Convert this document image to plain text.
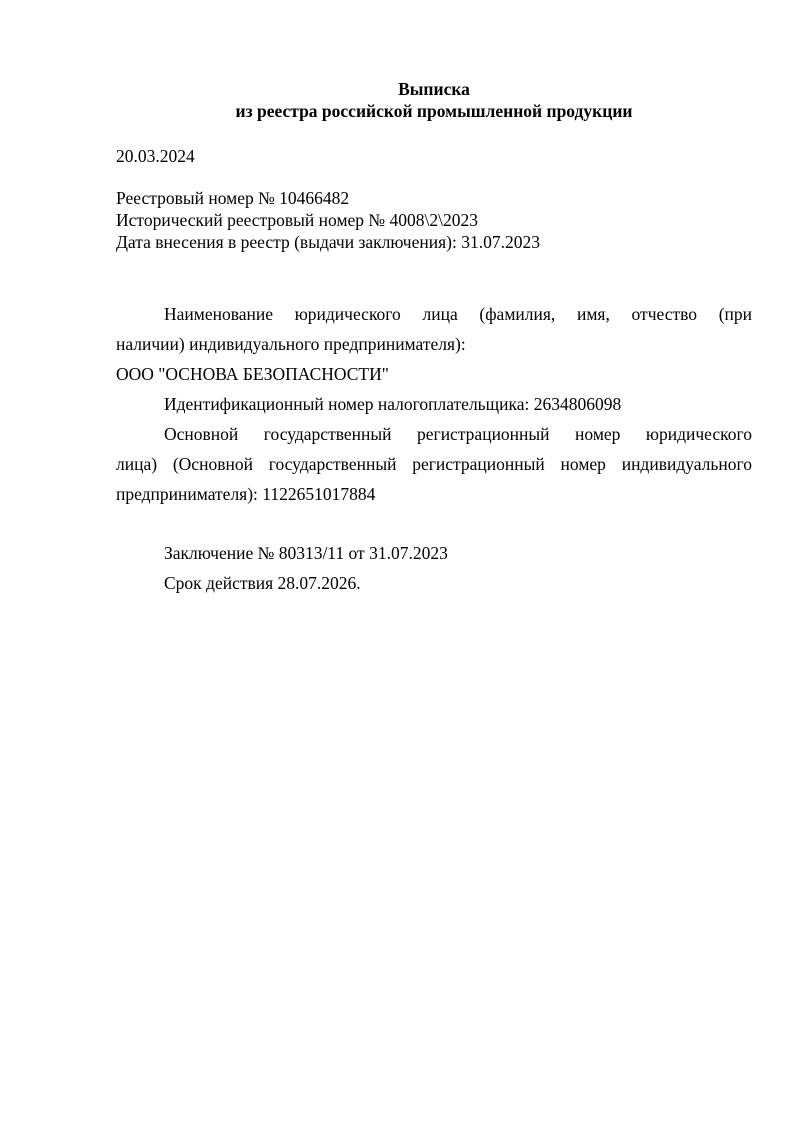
Выписка
из реестра российской промышленной продукции
20.03.2024
Реестровый номер № 10466482
Исторический реестровый номер № 4008\2\2023
Дата внесения в реестр (выдачи заключения): 31.07.2023
Наименование юридического лица (фамилия, имя, отчество (при
наличии) индивидуального предпринимателя):
ООО "ОСНОВА БЕЗОПАСНОСТИ"
Идентификационный номер налогоплательщика: 2634806098
Основной государственный регистрационный номер юридического
лица) (Основной государственный регистрационный номер индивидуального
предпринимателя): 1122651017884
Заключение № 80313/11 от 31.07.2023
Срок действия 28.07.2026.
